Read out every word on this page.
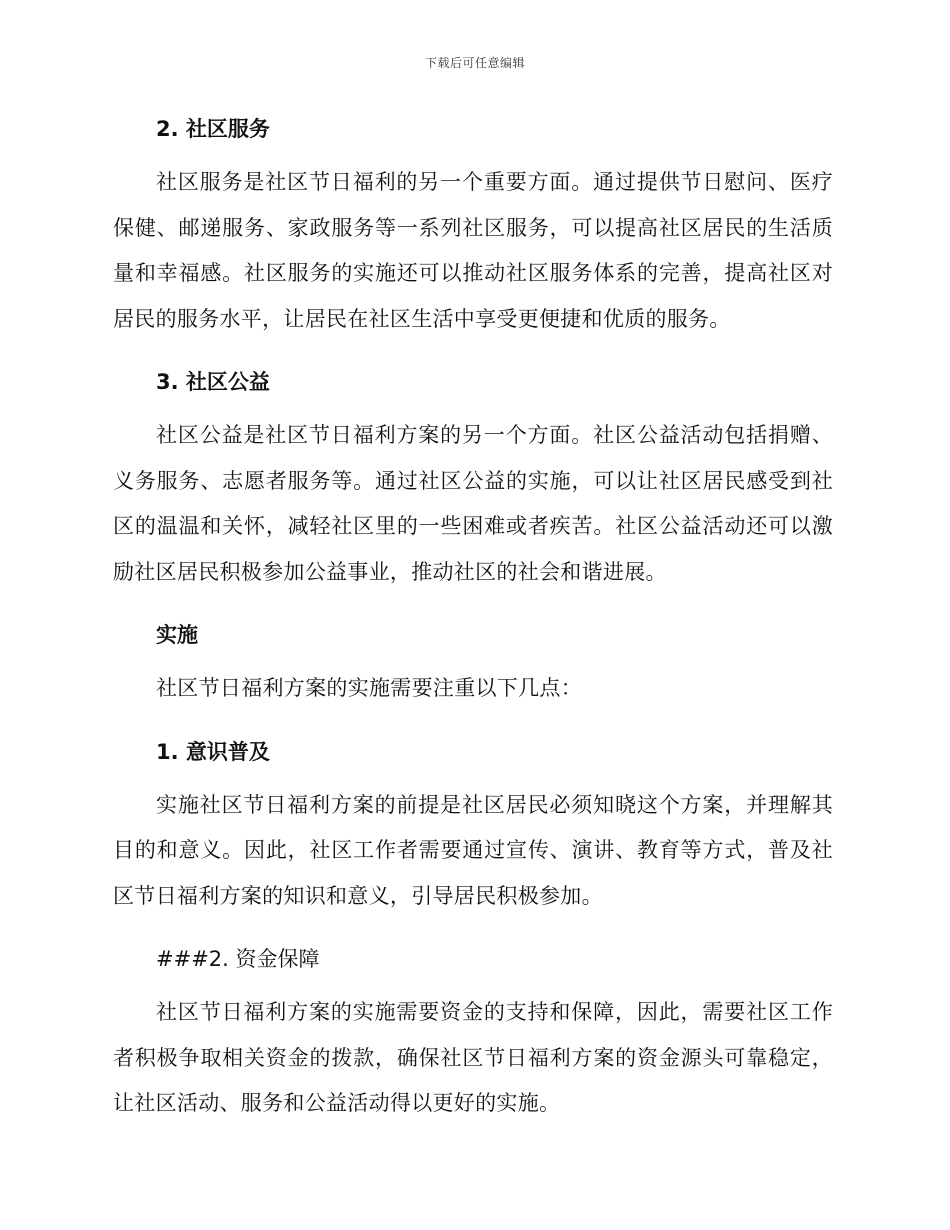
下载后可任意编辑
2. 社区服务

社区服务是社区节日福利的另一个重要方面。通过提供节日慰问、医疗保健、邮递服务、家政服务等一系列社区服务，可以提高社区居民的生活质量和幸福感。社区服务的实施还可以推动社区服务体系的完善，提高社区对居民的服务水平，让居民在社区生活中享受更便捷和优质的服务。

3. 社区公益

社区公益是社区节日福利方案的另一个方面。社区公益活动包括捐赠、义务服务、志愿者服务等。通过社区公益的实施，可以让社区居民感受到社区的温温和关怀，减轻社区里的一些困难或者疾苦。社区公益活动还可以激励社区居民积极参加公益事业，推动社区的社会和谐进展。

实施

社区节日福利方案的实施需要注重以下几点：

1. 意识普及

实施社区节日福利方案的前提是社区居民必须知晓这个方案，并理解其目的和意义。因此，社区工作者需要通过宣传、演讲、教育等方式，普及社区节日福利方案的知识和意义，引导居民积极参加。

###2. 资金保障

社区节日福利方案的实施需要资金的支持和保障，因此，需要社区工作者积极争取相关资金的拨款，确保社区节日福利方案的资金源头可靠稳定，让社区活动、服务和公益活动得以更好的实施。
